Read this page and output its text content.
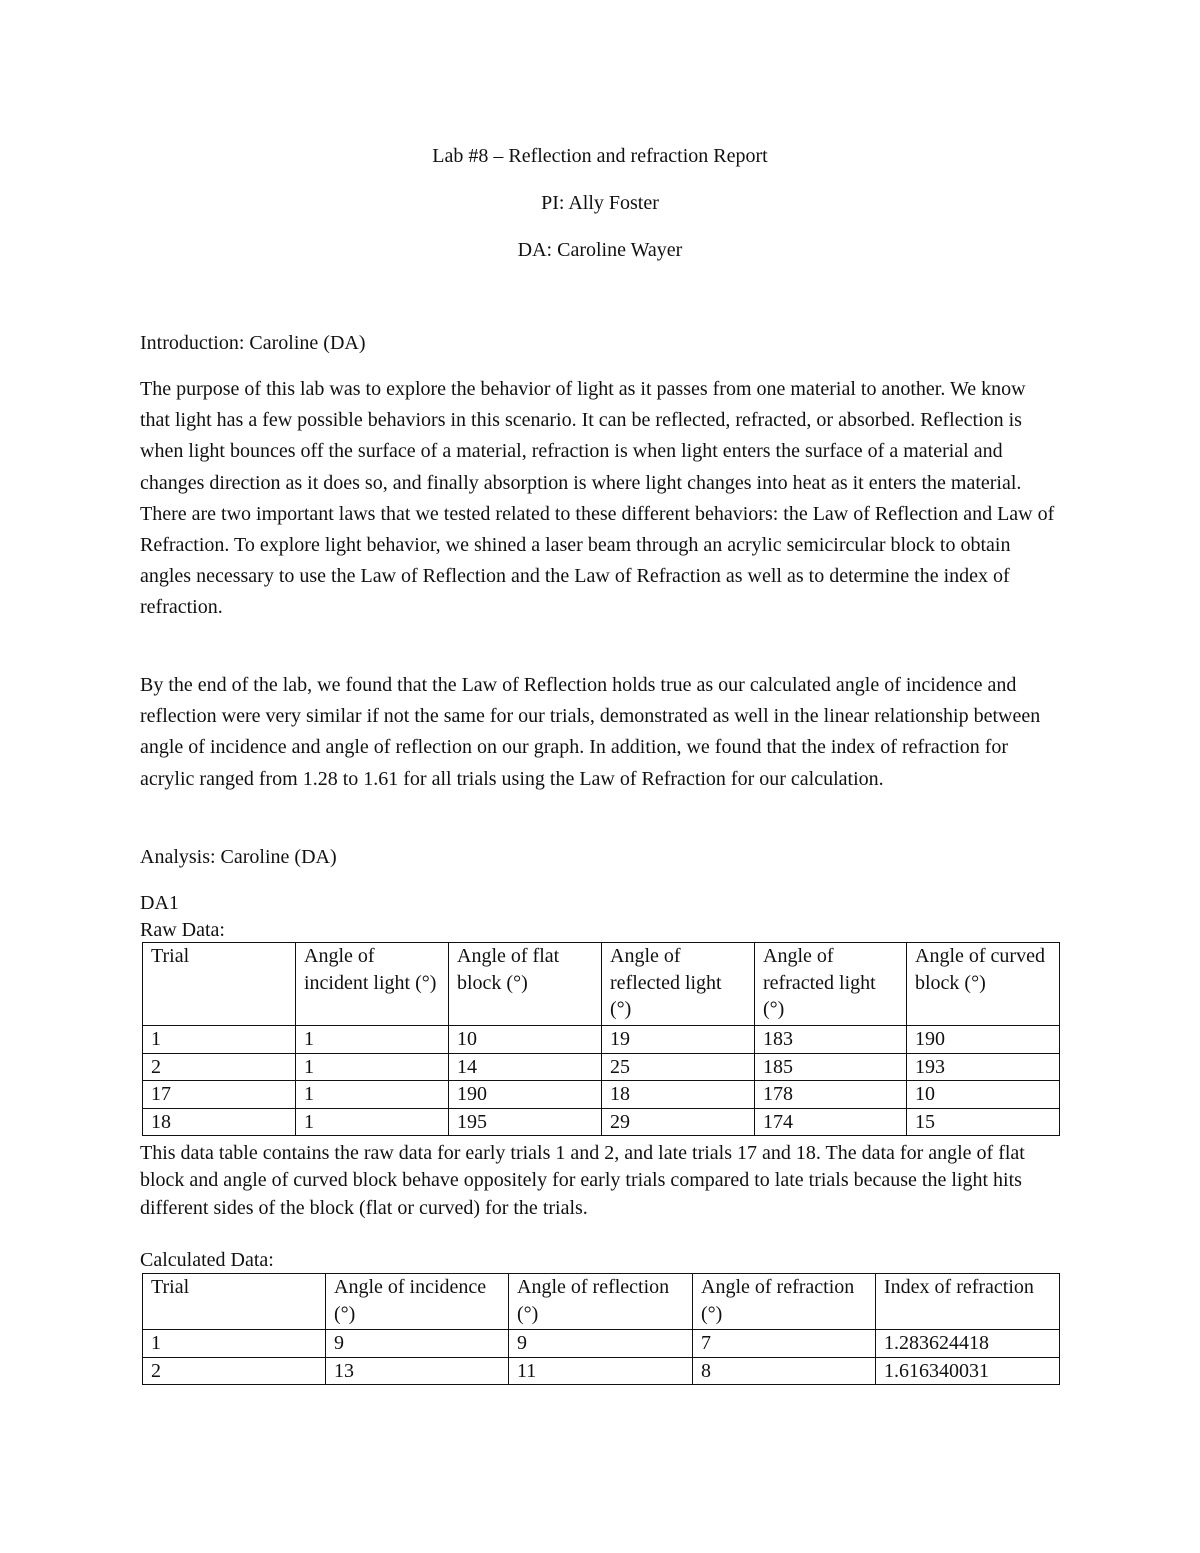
Lab #8 – Reflection and refraction Report
PI: Ally Foster
DA: Caroline Wayer

Introduction: Caroline (DA)

The purpose of this lab was to explore the behavior of light as it passes from one material to another. We know that light has a few possible behaviors in this scenario. It can be reflected, refracted, or absorbed. Reflection is when light bounces off the surface of a material, refraction is when light enters the surface of a material and changes direction as it does so, and finally absorption is where light changes into heat as it enters the material. There are two important laws that we tested related to these different behaviors: the Law of Reflection and Law of Refraction. To explore light behavior, we shined a laser beam through an acrylic semicircular block to obtain angles necessary to use the Law of Reflection and the Law of Refraction as well as to determine the index of refraction.

By the end of the lab, we found that the Law of Reflection holds true as our calculated angle of incidence and reflection were very similar if not the same for our trials, demonstrated as well in the linear relationship between angle of incidence and angle of reflection on our graph. In addition, we found that the index of refraction for acrylic ranged from 1.28 to 1.61 for all trials using the Law of Refraction for our calculation.

Analysis: Caroline (DA)

DA1

Raw Data:

Trial	Angle of incident light (°)	Angle of flat block (°)	Angle of reflected light (°)	Angle of refracted light (°)	Angle of curved block (°)
1	1	10	19	183	190
2	1	14	25	185	193
17	1	190	18	178	10
18	1	195	29	174	15

This data table contains the raw data for early trials 1 and 2, and late trials 17 and 18. The data for angle of flat block and angle of curved block behave oppositely for early trials compared to late trials because the light hits different sides of the block (flat or curved) for the trials.

Calculated Data:

Trial	Angle of incidence (°)	Angle of reflection (°)	Angle of refraction (°)	Index of refraction
1	9	9	7	1.283624418
2	13	11	8	1.616340031
